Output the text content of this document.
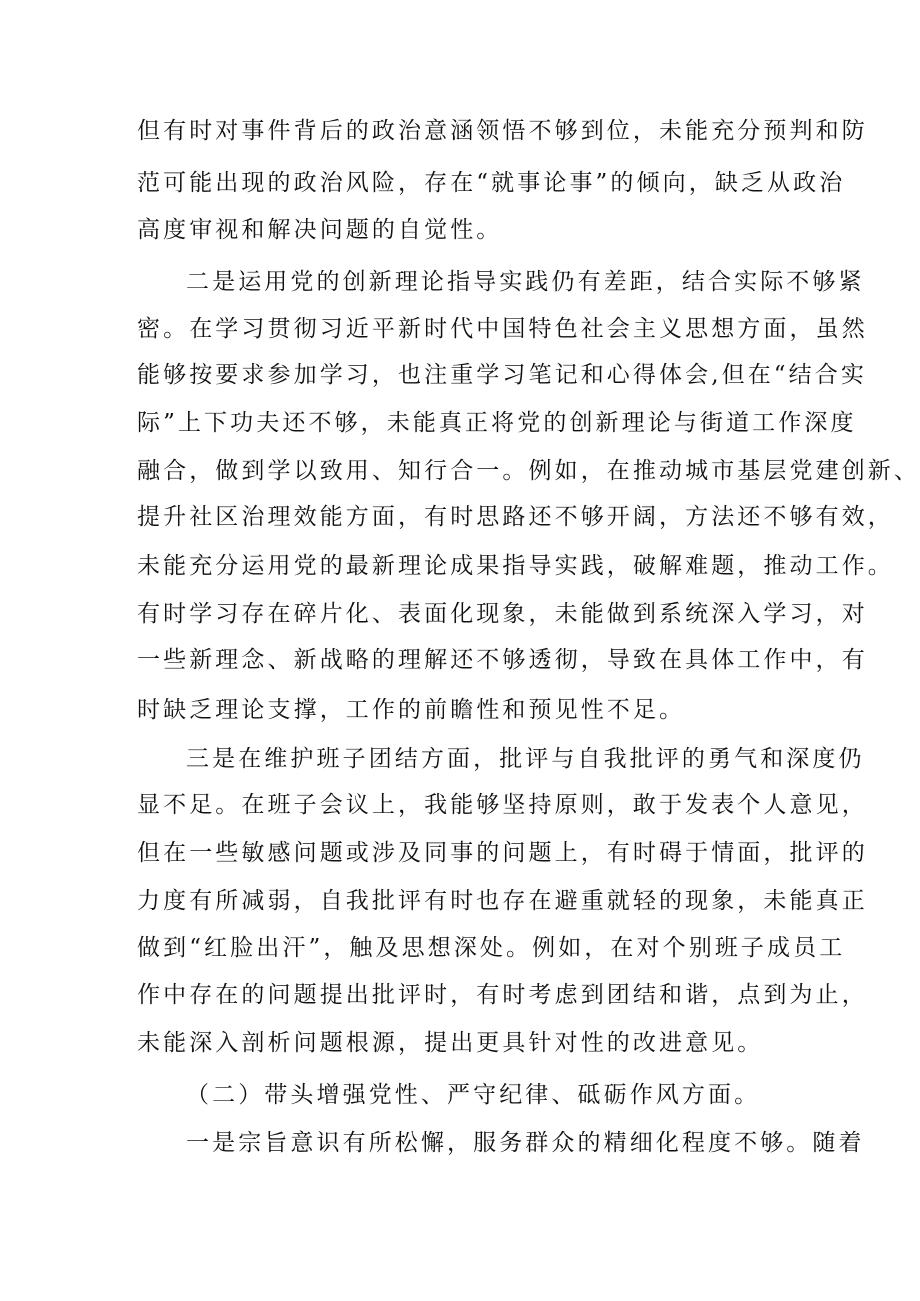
但有时对事件背后的政治意涵领悟不够到位，未能充分预判和防
范可能出现的政治风险，存在“就事论事”的倾向，缺乏从政治
高度审视和解决问题的自觉性。
二是运用党的创新理论指导实践仍有差距，结合实际不够紧
密。在学习贯彻习近平新时代中国特色社会主义思想方面，虽然
能够按要求参加学习，也注重学习笔记和心得体会,但在“结合实
际”上下功夫还不够，未能真正将党的创新理论与街道工作深度
融合，做到学以致用、知行合一。例如，在推动城市基层党建创新、
提升社区治理效能方面，有时思路还不够开阔，方法还不够有效，
未能充分运用党的最新理论成果指导实践，破解难题，推动工作。
有时学习存在碎片化、表面化现象，未能做到系统深入学习，对
一些新理念、新战略的理解还不够透彻，导致在具体工作中，有
时缺乏理论支撑，工作的前瞻性和预见性不足。
三是在维护班子团结方面，批评与自我批评的勇气和深度仍
显不足。在班子会议上，我能够坚持原则，敢于发表个人意见，
但在一些敏感问题或涉及同事的问题上，有时碍于情面，批评的
力度有所减弱，自我批评有时也存在避重就轻的现象，未能真正
做到“红脸出汗”，触及思想深处。例如，在对个别班子成员工
作中存在的问题提出批评时，有时考虑到团结和谐，点到为止，
未能深入剖析问题根源，提出更具针对性的改进意见。
（二）带头增强党性、严守纪律、砥砺作风方面。
一是宗旨意识有所松懈，服务群众的精细化程度不够。随着
